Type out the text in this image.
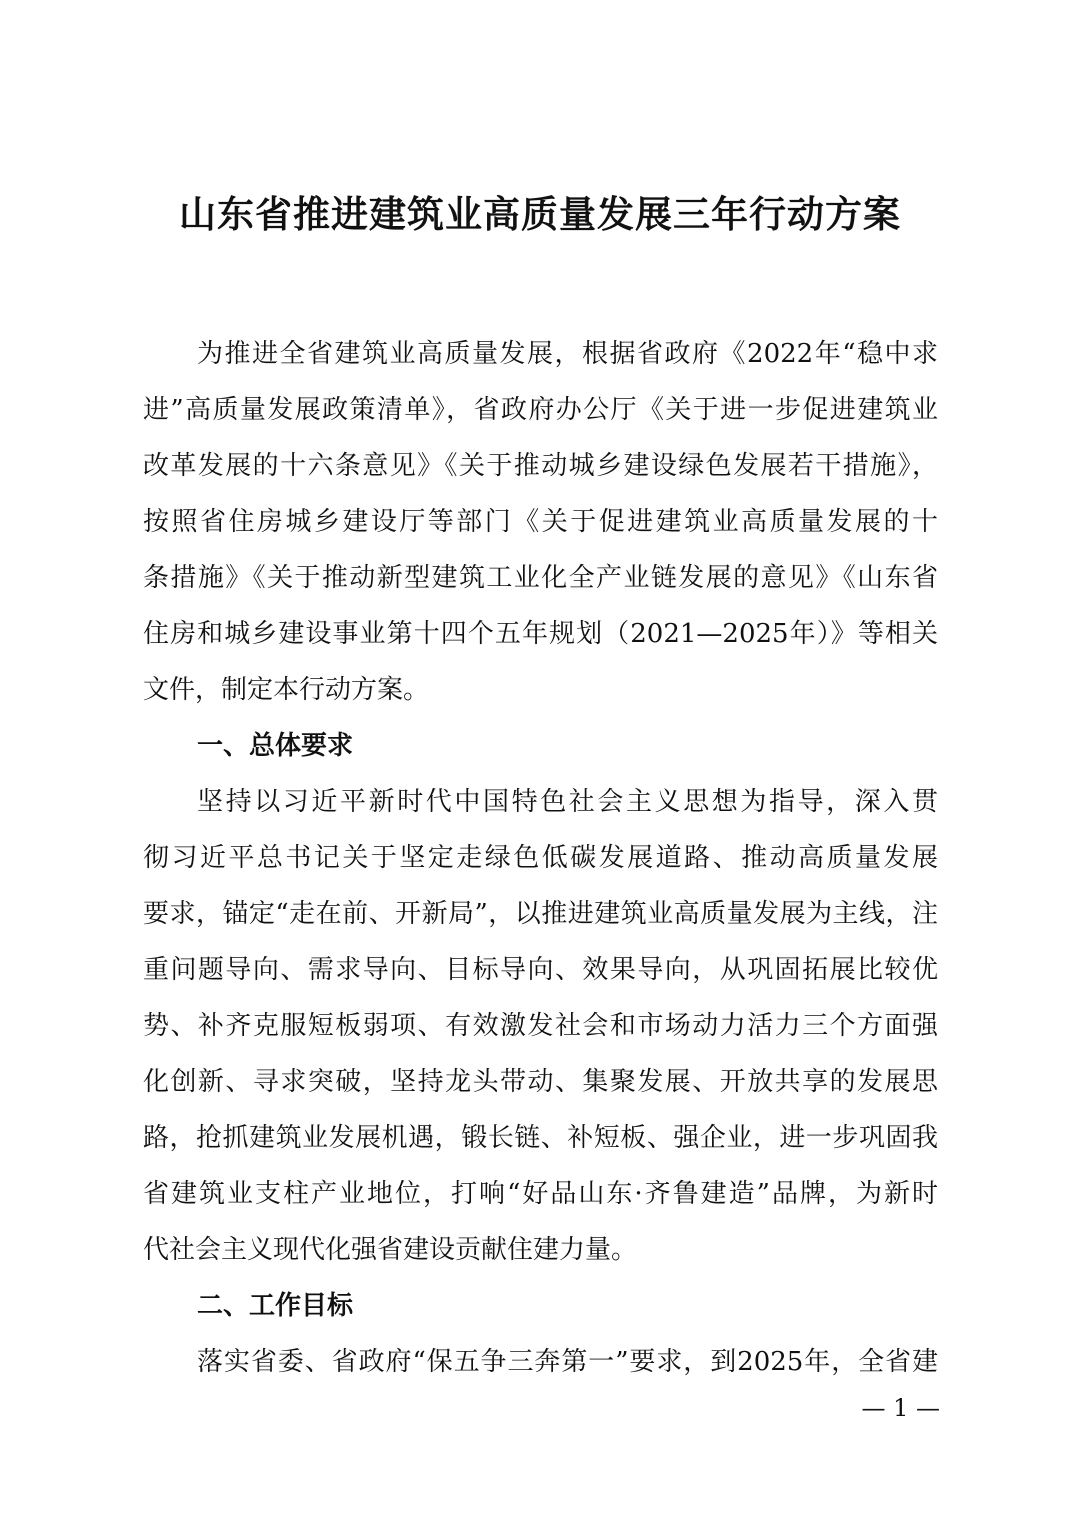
山东省推进建筑业高质量发展三年行动方案
为推进全省建筑业高质量发展，根据省政府《2022年“稳中求
进”高质量发展政策清单》，省政府办公厅《关于进一步促进建筑业
改革发展的十六条意见》《关于推动城乡建设绿色发展若干措施》，
按照省住房城乡建设厅等部门《关于促进建筑业高质量发展的十
条措施》《关于推动新型建筑工业化全产业链发展的意见》《山东省
住房和城乡建设事业第十四个五年规划（2021—2025年）》等相关
文件，制定本行动方案。
一、总体要求
坚持以习近平新时代中国特色社会主义思想为指导，深入贯
彻习近平总书记关于坚定走绿色低碳发展道路、推动高质量发展
要求，锚定“走在前、开新局”，以推进建筑业高质量发展为主线，注
重问题导向、需求导向、目标导向、效果导向，从巩固拓展比较优
势、补齐克服短板弱项、有效激发社会和市场动力活力三个方面强
化创新、寻求突破，坚持龙头带动、集聚发展、开放共享的发展思
路，抢抓建筑业发展机遇，锻长链、补短板、强企业，进一步巩固我
省建筑业支柱产业地位，打响“好品山东·齐鲁建造”品牌，为新时
代社会主义现代化强省建设贡献住建力量。
二、工作目标
落实省委、省政府“保五争三奔第一”要求，到2025年，全省建
— 1 —
